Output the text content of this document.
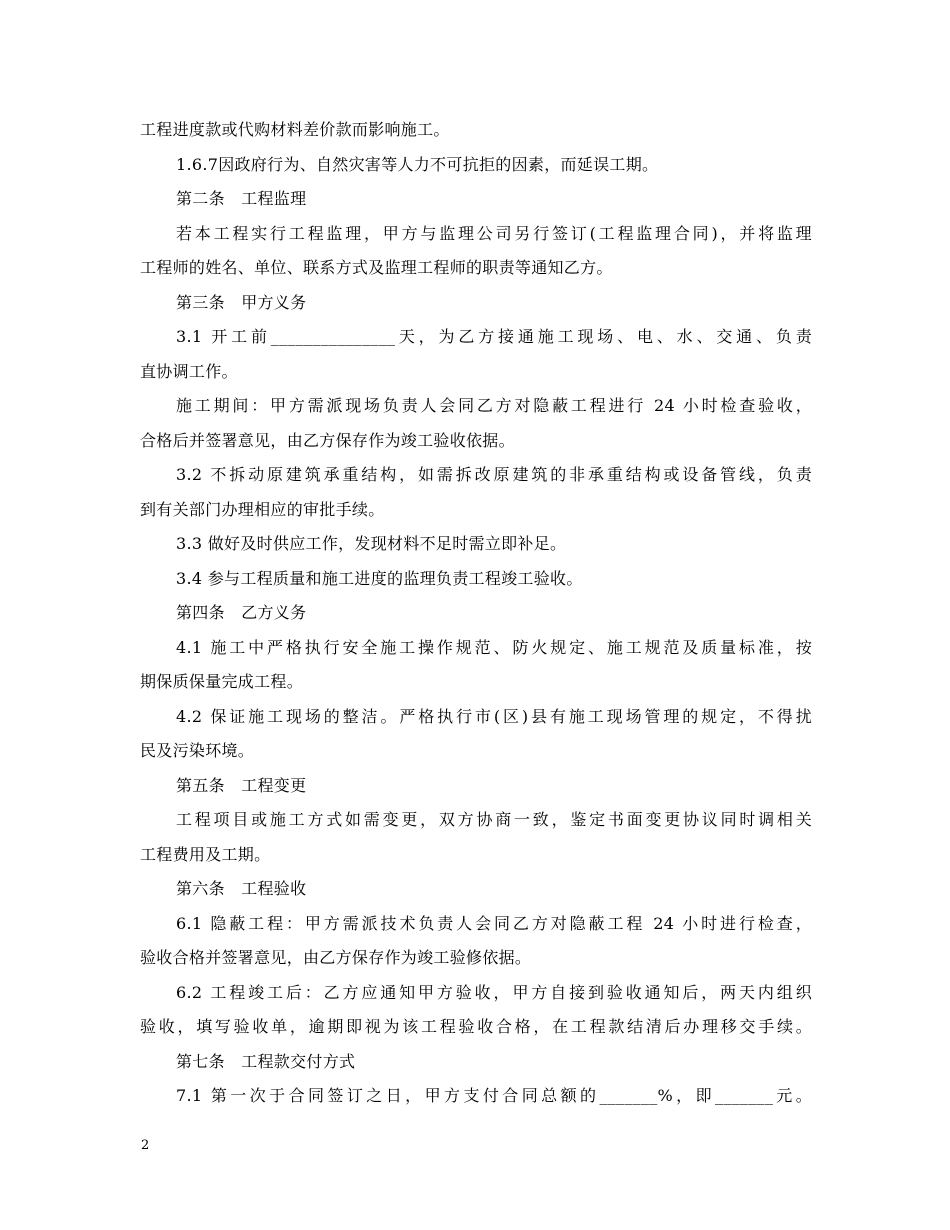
工程进度款或代购材料差价款而影响施工。
1.6.7因政府行为、自然灾害等人力不可抗拒的因素，而延误工期。
第二条　工程监理
若本工程实行工程监理，甲方与监理公司另行签订(工程监理合同)，并将监理
工程师的姓名、单位、联系方式及监理工程师的职责等通知乙方。
第三条　甲方义务
3.1 开工前_______________天，为乙方接通施工现场、电、水、交通、负责
直协调工作。
施工期间：甲方需派现场负责人会同乙方对隐蔽工程进行 24 小时检查验收，
合格后并签署意见，由乙方保存作为竣工验收依据。
3.2 不拆动原建筑承重结构，如需拆改原建筑的非承重结构或设备管线，负责
到有关部门办理相应的审批手续。
3.3 做好及时供应工作，发现材料不足时需立即补足。
3.4 参与工程质量和施工进度的监理负责工程竣工验收。
第四条　乙方义务
4.1 施工中严格执行安全施工操作规范、防火规定、施工规范及质量标准，按
期保质保量完成工程。
4.2 保证施工现场的整洁。严格执行市(区)县有施工现场管理的规定，不得扰
民及污染环境。
第五条　工程变更
工程项目或施工方式如需变更，双方协商一致，鉴定书面变更协议同时调相关
工程费用及工期。
第六条　工程验收
6.1 隐蔽工程：甲方需派技术负责人会同乙方对隐蔽工程 24 小时进行检查，
验收合格并签署意见，由乙方保存作为竣工验修依据。
6.2 工程竣工后：乙方应通知甲方验收，甲方自接到验收通知后，两天内组织
验收，填写验收单，逾期即视为该工程验收合格，在工程款结清后办理移交手续。
第七条　工程款交付方式
7.1 第一次于合同签订之日，甲方支付合同总额的_______%，即_______元。
2
